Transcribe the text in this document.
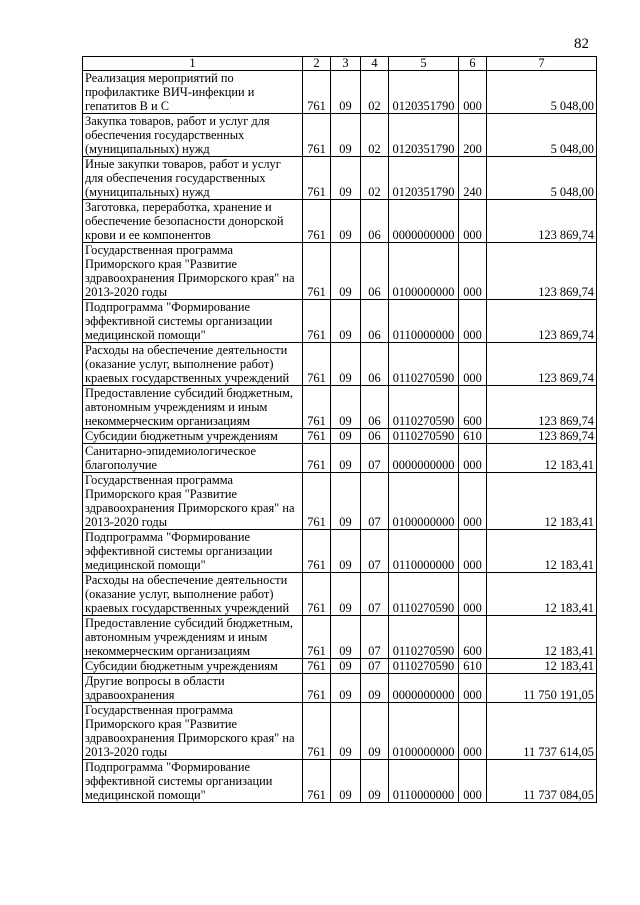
82
1	2	3	4	5	6	7
Реализация мероприятий по профилактике ВИЧ-инфекции и гепатитов В и С	761	09	02	0120351790	000	5 048,00
Закупка товаров, работ и услуг для обеспечения государственных (муниципальных) нужд	761	09	02	0120351790	200	5 048,00
Иные закупки товаров, работ и услуг для обеспечения государственных (муниципальных) нужд	761	09	02	0120351790	240	5 048,00
Заготовка, переработка, хранение и обеспечение безопасности донорской крови и ее компонентов	761	09	06	0000000000	000	123 869,74
Государственная программа Приморского края "Развитие здравоохранения Приморского края" на 2013-2020 годы	761	09	06	0100000000	000	123 869,74
Подпрограмма "Формирование эффективной системы организации медицинской помощи"	761	09	06	0110000000	000	123 869,74
Расходы на обеспечение деятельности (оказание услуг, выполнение работ) краевых государственных учреждений	761	09	06	0110270590	000	123 869,74
Предоставление субсидий бюджетным, автономным учреждениям и иным некоммерческим организациям	761	09	06	0110270590	600	123 869,74
Субсидии бюджетным учреждениям	761	09	06	0110270590	610	123 869,74
Санитарно-эпидемиологическое благополучие	761	09	07	0000000000	000	12 183,41
Государственная программа Приморского края "Развитие здравоохранения Приморского края" на 2013-2020 годы	761	09	07	0100000000	000	12 183,41
Подпрограмма "Формирование эффективной системы организации медицинской помощи"	761	09	07	0110000000	000	12 183,41
Расходы на обеспечение деятельности (оказание услуг, выполнение работ) краевых государственных учреждений	761	09	07	0110270590	000	12 183,41
Предоставление субсидий бюджетным, автономным учреждениям и иным некоммерческим организациям	761	09	07	0110270590	600	12 183,41
Субсидии бюджетным учреждениям	761	09	07	0110270590	610	12 183,41
Другие вопросы в области здравоохранения	761	09	09	0000000000	000	11 750 191,05
Государственная программа Приморского края "Развитие здравоохранения Приморского края" на 2013-2020 годы	761	09	09	0100000000	000	11 737 614,05
Подпрограмма "Формирование эффективной системы организации медицинской помощи"	761	09	09	0110000000	000	11 737 084,05
